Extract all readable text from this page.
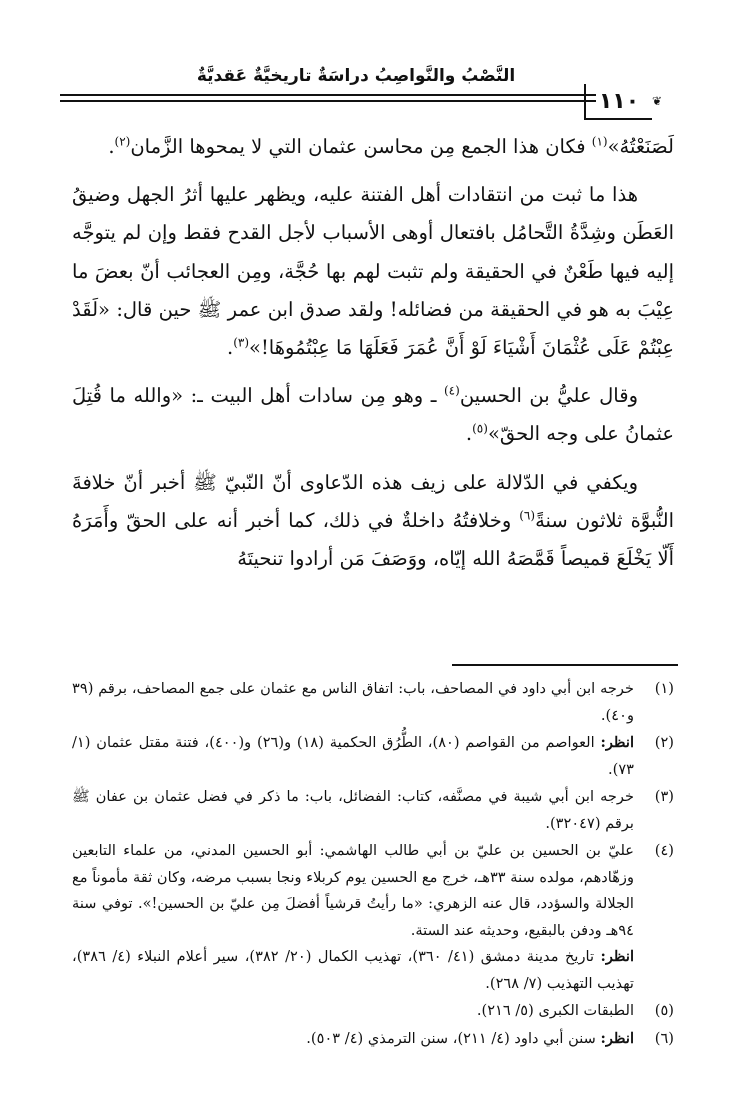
النَّصْبُ والنَّواصِبُ دراسَةٌ تاريخيَّةٌ عَقديَّةٌ
١١٠ ❦

لَصَنَعْتُهُ»$^{(١)}$ فكان هذا الجمع مِن محاسن عثمان التي لا يمحوها الزَّمان$^{(٢)}$.

هذا ما ثبت من انتقادات أهل الفتنة عليه، ويظهر عليها أثرُ الجهل وضيقُ العَطَن وشِدَّةُ التَّحامُل بافتعال أوهى الأسباب لأجل القدح فقط وإن لم يتوجَّه إليه فيها طَعْنٌ في الحقيقة ولم تثبت لهم بها حُجَّة، ومِن العجائب أنّ بعضَ ما عِيْبَ به هو في الحقيقة من فضائله! ولقد صدق ابن عمر ﷺ حين قال: «لَقَدْ عِبْتُمْ عَلَى عُثْمَانَ أَشْيَاءَ لَوْ أَنَّ عُمَرَ فَعَلَهَا مَا عِبْتُمُوهَا!»$^{(٣)}$.

وقال عليُّ بن الحسين$^{(٤)}$ ـ وهو مِن سادات أهل البيت ـ: «والله ما قُتِلَ عثمانُ على وجه الحقّ»$^{(٥)}$.

ويكفي في الدّلالة على زيف هذه الدّعاوى أنّ النّبيّ ﷺ أخبر أنّ خلافةَ النُّبوَّة ثلاثون سنةً$^{(٦)}$ وخلافتُهُ داخلةٌ في ذلك، كما أخبر أنه على الحقّ وأَمَرَهُ أَلّا يَخْلَعَ قميصاً قَمَّصَهُ الله إيّاه، ووَصَفَ مَن أرادوا تنحيتَهُ

(١)
خرجه ابن أبي داود في المصاحف، باب: اتفاق الناس مع عثمان على جمع المصاحف، برقم (٣٩ و٤٠).
(٢)
انظر: العواصم من القواصم (٨٠)، الطُّرُق الحكمية (١٨) و(٢٦) و(٤٠٠)، فتنة مقتل عثمان (١/ ٧٣).
(٣)
خرجه ابن أبي شيبة في مصنَّفه، كتاب: الفضائل، باب: ما ذكر في فضل عثمان بن عفان ﷺ برقم (٣٢٠٤٧).
(٤)
عليّ بن الحسين بن عليّ بن أبي طالب الهاشمي: أبو الحسين المدني، من علماء التابعين وزهّادهم، مولده سنة ٣٣هـ، خرج مع الحسين يوم كربلاء ونجا بسبب مرضه، وكان ثقة مأموناً مع الجلالة والسؤدد، قال عنه الزهري: «ما رأيتُ قرشياً أفضلَ مِن عليّ بن الحسين!». توفي سنة ٩٤هـ ودفن بالبقيع، وحديثه عند الستة.
انظر: تاريخ مدينة دمشق (٤١/ ٣٦٠)، تهذيب الكمال (٢٠/ ٣٨٢)، سير أعلام النبلاء (٤/ ٣٨٦)، تهذيب التهذيب (٧/ ٢٦٨).
(٥)
الطبقات الكبرى (٥/ ٢١٦).
(٦)
انظر: سنن أبي داود (٤/ ٢١١)، سنن الترمذي (٤/ ٥٠٣).
